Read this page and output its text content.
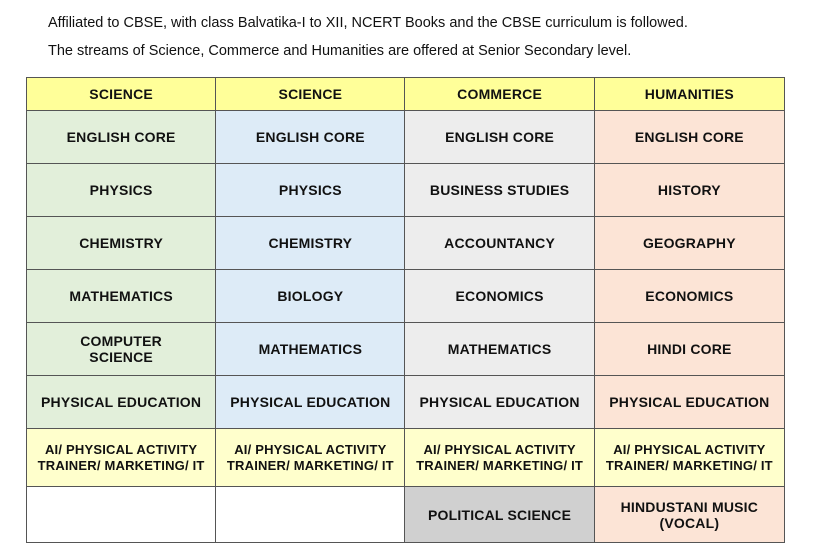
Affiliated to CBSE, with class Balvatika-I to XII, NCERT Books and the CBSE curriculum is followed.

The streams of Science, Commerce and Humanities are offered at Senior Secondary level.

SCIENCE	SCIENCE	COMMERCE	HUMANITIES
ENGLISH CORE	ENGLISH CORE	ENGLISH CORE	ENGLISH CORE
PHYSICS	PHYSICS	BUSINESS STUDIES	HISTORY
CHEMISTRY	CHEMISTRY	ACCOUNTANCY	GEOGRAPHY
MATHEMATICS	BIOLOGY	ECONOMICS	ECONOMICS
COMPUTER SCIENCE	MATHEMATICS	MATHEMATICS	HINDI CORE
PHYSICAL EDUCATION	PHYSICAL EDUCATION	PHYSICAL EDUCATION	PHYSICAL EDUCATION
AI/ PHYSICAL ACTIVITY TRAINER/ MARKETING/ IT	AI/ PHYSICAL ACTIVITY TRAINER/ MARKETING/ IT	AI/ PHYSICAL ACTIVITY TRAINER/ MARKETING/ IT	AI/ PHYSICAL ACTIVITY TRAINER/ MARKETING/ IT
		POLITICAL SCIENCE	HINDUSTANI MUSIC (VOCAL)
